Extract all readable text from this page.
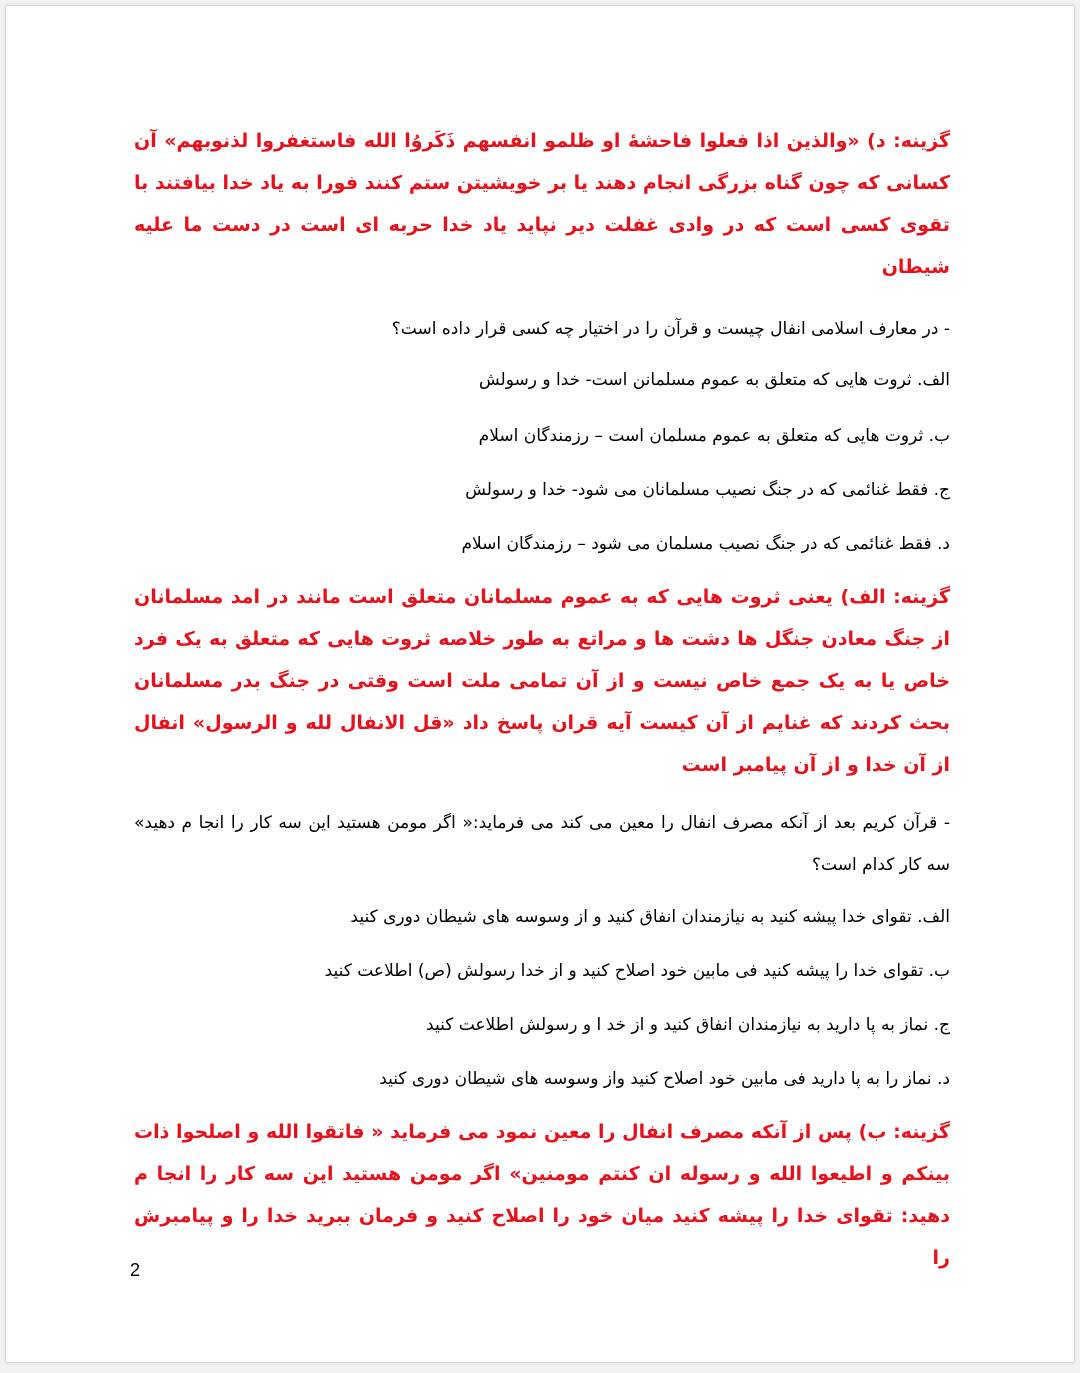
گزینه: د) «والذین اذا فعلوا فاحشهٔ او ظلمو انفسهم ذَکَروُا الله فاستغفروا لذنوبهم» آن کسانی که چون گناه بزرگی انجام دهند یا بر خویشیتن ستم کنند فورا به یاد خدا بیافتند با تقوی کسی است که در وادی غفلت دیر نپاید یاد خدا حربه ای است در دست ما علیه شیطان

- در معارف اسلامی انفال چیست و قرآن را در اختیار چه کسی قرار داده است؟

الف. ثروت هایی که متعلق به عموم مسلمانن است- خدا و رسولش

ب. ثروت هایی که متعلق به عموم مسلمان است – رزمندگان اسلام

ج. فقط غنائمی که در جنگ نصیب مسلمانان می شود- خدا و رسولش

د. فقط غنائمی که در جنگ نصیب مسلمان می شود – رزمندگان اسلام

گزینه: الف) یعنی ثروت هایی که به عموم مسلمانان متعلق است مانند در امد مسلمانان از جنگ معادن جنگل ها دشت ها و مراتع به طور خلاصه ثروت هایی که متعلق به یک فرد خاص یا به یک جمع خاص نیست و از آن تمامی ملت است وقتی در جنگ بدر مسلمانان بحث کردند که غنایم از آن کیست آیه قران پاسخ داد «قل الانفال لله و الرسول» انفال از آن خدا و از آن پیامبر است

- قرآن کریم بعد از آنکه مصرف انفال را معین می کند می فرماید:« اگر مومن هستید این سه کار را انجا م دهید» سه کار کدام است؟

الف. تقوای خدا پیشه کنید به نیازمندان انفاق کنید و از وسوسه های شیطان دوری کنید

ب. تقوای خدا را پیشه کنید فی مابین خود اصلاح کنید و از خدا رسولش (ص) اطلاعت کنید

ج. نماز به پا دارید به نیازمندان انفاق کنید و از خد ا و رسولش اطلاعت کنید

د. نماز را به پا دارید فی مابین خود اصلاح کنید واز وسوسه های شیطان دوری کنید

گزینه: ب) پس از آنکه مصرف انفال را معین نمود می فرماید « فاتقوا الله و اصلحوا ذات بینکم و اطیعوا الله و رسوله ان کنتم مومنین» اگر مومن هستید این سه کار را انجا م دهید: تقوای خدا را پیشه کنید میان خود را اصلاح کنید و فرمان ببرید خدا را و پیامبرش را

2
